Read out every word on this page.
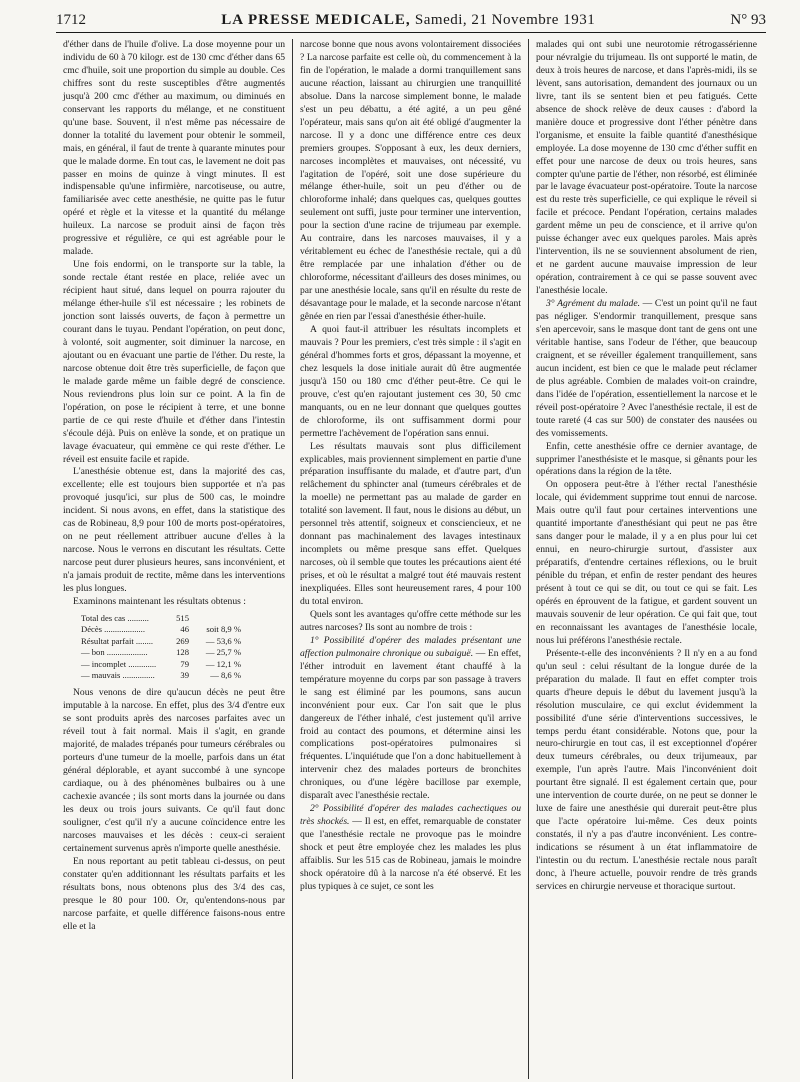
1712	LA PRESSE MEDICALE, Samedi, 21 Novembre 1931	N° 93

d'éther dans de l'huile d'olive. La dose moyenne pour un individu de 60 à 70 kilogr. est de 130 cmc d'éther dans 65 cmc d'huile, soit une proportion du simple au double. Ces chiffres sont du reste susceptibles d'être augmentés jusqu'à 200 cmc d'éther au maximum, ou diminués en conservant les rapports du mélange, et ne constituent qu'une base. Souvent, il n'est même pas nécessaire de donner la totalité du lavement pour obtenir le sommeil, mais, en général, il faut de trente à quarante minutes pour que le malade dorme. En tout cas, le lavement ne doit pas passer en moins de quinze à vingt minutes. Il est indispensable qu'une infirmière, narcotiseuse, ou autre, familiarisée avec cette anesthésie, ne quitte pas le futur opéré et règle et la vitesse et la quantité du mélange huileux. La narcose se produit ainsi de façon très progressive et régulière, ce qui est agréable pour le malade.

Une fois endormi, on le transporte sur la table, la sonde rectale étant restée en place, reliée avec un récipient haut situé, dans lequel on pourra rajouter du mélange éther-huile s'il est nécessaire ; les robinets de jonction sont laissés ouverts, de façon à permettre un courant dans le tuyau. Pendant l'opération, on peut donc, à volonté, soit augmenter, soit diminuer la narcose, en ajoutant ou en évacuant une partie de l'éther. Du reste, la narcose obtenue doit être très superficielle, de façon que le malade garde même un faible degré de conscience. Nous reviendrons plus loin sur ce point. A la fin de l'opération, on pose le récipient à terre, et une bonne partie de ce qui reste d'huile et d'éther dans l'intestin s'écoule déjà. Puis on enlève la sonde, et on pratique un lavage évacuateur, qui emmène ce qui reste d'éther. Le réveil est ensuite facile et rapide.

L'anesthésie obtenue est, dans la majorité des cas, excellente; elle est toujours bien supportée et n'a pas provoqué jusqu'ici, sur plus de 500 cas, le moindre incident. Si nous avons, en effet, dans la statistique des cas de Robineau, 8,9 pour 100 de morts post-opératoires, on ne peut réellement attribuer aucune d'elles à la narcose. Nous le verrons en discutant les résultats. Cette narcose peut durer plusieurs heures, sans inconvénient, et n'a jamais produit de rectite, même dans les interventions les plus longues.

Examinons maintenant les résultats obtenus :

Total des cas ..........	515
Décès ...................	46	soit 8,9 %
Résultat parfait ........	269	— 53,6 %
— bon ...................	128	— 25,7 %
— incomplet .............	79	— 12,1 %
— mauvais ...............	39	— 8,6 %

Nous venons de dire qu'aucun décès ne peut être imputable à la narcose. En effet, plus des 3/4 d'entre eux se sont produits après des narcoses parfaites avec un réveil tout à fait normal. Mais il s'agit, en grande majorité, de malades trépanés pour tumeurs cérébrales ou porteurs d'une tumeur de la moelle, parfois dans un état général déplorable, et ayant succombé à une syncope cardiaque, ou à des phénomènes bulbaires ou à une cachexie avancée ; ils sont morts dans la journée ou dans les deux ou trois jours suivants. Ce qu'il faut donc souligner, c'est qu'il n'y a aucune coïncidence entre les narcoses mauvaises et les décès : ceux-ci seraient certainement survenus après n'importe quelle anesthésie.

En nous reportant au petit tableau ci-dessus, on peut constater qu'en additionnant les résultats parfaits et les résultats bons, nous obtenons plus des 3/4 des cas, presque le 80 pour 100. Or, qu'entendons-nous par narcose parfaite, et quelle différence faisons-nous entre elle et la

narcose bonne que nous avons volontairement dissociées ? La narcose parfaite est celle où, du commencement à la fin de l'opération, le malade a dormi tranquillement sans aucune réaction, laissant au chirurgien une tranquillité absolue. Dans la narcose simplement bonne, le malade s'est un peu débattu, a été agité, a un peu gêné l'opérateur, mais sans qu'on ait été obligé d'augmenter la narcose. Il y a donc une différence entre ces deux premiers groupes. S'opposant à eux, les deux derniers, narcoses incomplètes et mauvaises, ont nécessité, vu l'agitation de l'opéré, soit une dose supérieure du mélange éther-huile, soit un peu d'éther ou de chloroforme inhalé; dans quelques cas, quelques gouttes seulement ont suffi, juste pour terminer une intervention, pour la section d'une racine de trijumeau par exemple. Au contraire, dans les narcoses mauvaises, il y a véritablement eu échec de l'anesthésie rectale, qui a dû être remplacée par une inhalation d'éther ou de chloroforme, nécessitant d'ailleurs des doses minimes, ou par une anesthésie locale, sans qu'il en résulte du reste de désavantage pour le malade, et la seconde narcose n'étant gênée en rien par l'essai d'anesthésie éther-huile.

A quoi faut-il attribuer les résultats incomplets et mauvais ? Pour les premiers, c'est très simple : il s'agit en général d'hommes forts et gros, dépassant la moyenne, et chez lesquels la dose initiale aurait dû être augmentée jusqu'à 150 ou 180 cmc d'éther peut-être. Ce qui le prouve, c'est qu'en rajoutant justement ces 30, 50 cmc manquants, ou en ne leur donnant que quelques gouttes de chloroforme, ils ont suffisamment dormi pour permettre l'achèvement de l'opération sans ennui.

Les résultats mauvais sont plus difficilement explicables, mais proviennent simplement en partie d'une préparation insuffisante du malade, et d'autre part, d'un relâchement du sphincter anal (tumeurs cérébrales et de la moelle) ne permettant pas au malade de garder en totalité son lavement. Il faut, nous le disions au début, un personnel très attentif, soigneux et consciencieux, et ne donnant pas machinalement des lavages intestinaux incomplets ou même presque sans effet. Quelques narcoses, où il semble que toutes les précautions aient été prises, et où le résultat a malgré tout été mauvais restent inexpliquées. Elles sont heureusement rares, 4 pour 100 du total environ.

Quels sont les avantages qu'offre cette méthode sur les autres narcoses? Ils sont au nombre de trois :

1° Possibilité d'opérer des malades présentant une affection pulmonaire chronique ou subaiguë. — En effet, l'éther introduit en lavement étant chauffé à la température moyenne du corps par son passage à travers le sang est éliminé par les poumons, sans aucun inconvénient pour eux. Car l'on sait que le plus dangereux de l'éther inhalé, c'est justement qu'il arrive froid au contact des poumons, et détermine ainsi les complications post-opératoires pulmonaires si fréquentes. L'inquiétude que l'on a donc habituellement à intervenir chez des malades porteurs de bronchites chroniques, ou d'une légère bacillose par exemple, disparaît avec l'anesthésie rectale.

2° Possibilité d'opérer des malades cachectiques ou très shockés. — Il est, en effet, remarquable de constater que l'anesthésie rectale ne provoque pas le moindre shock et peut être employée chez les malades les plus affaiblis. Sur les 515 cas de Robineau, jamais le moindre shock opératoire dû à la narcose n'a été observé. Et les plus typiques à ce sujet, ce sont les

malades qui ont subi une neurotomie rétrogassérienne pour névralgie du trijumeau. Ils ont supporté le matin, de deux à trois heures de narcose, et dans l'après-midi, ils se lèvent, sans autorisation, demandent des journaux ou un livre, tant ils se sentent bien et peu fatigués. Cette absence de shock relève de deux causes : d'abord la manière douce et progressive dont l'éther pénètre dans l'organisme, et ensuite la faible quantité d'anesthésique employée. La dose moyenne de 130 cmc d'éther suffit en effet pour une narcose de deux ou trois heures, sans compter qu'une partie de l'éther, non résorbé, est éliminée par le lavage évacuateur post-opératoire. Toute la narcose est du reste très superficielle, ce qui explique le réveil si facile et précoce. Pendant l'opération, certains malades gardent même un peu de conscience, et il arrive qu'on puisse échanger avec eux quelques paroles. Mais après l'intervention, ils ne se souviennent absolument de rien, et ne gardent aucune mauvaise impression de leur opération, contrairement à ce qui se passe souvent avec l'anesthésie locale.

3° Agrément du malade. — C'est un point qu'il ne faut pas négliger. S'endormir tranquillement, presque sans s'en apercevoir, sans le masque dont tant de gens ont une véritable hantise, sans l'odeur de l'éther, que beaucoup craignent, et se réveiller également tranquillement, sans aucun incident, est bien ce que le malade peut réclamer de plus agréable. Combien de malades voit-on craindre, dans l'idée de l'opération, essentiellement la narcose et le réveil post-opératoire ? Avec l'anesthésie rectale, il est de toute rareté (4 cas sur 500) de constater des nausées ou des vomissements.

Enfin, cette anesthésie offre ce dernier avantage, de supprimer l'anesthésiste et le masque, si gênants pour les opérations dans la région de la tête.

On opposera peut-être à l'éther rectal l'anesthésie locale, qui évidemment supprime tout ennui de narcose. Mais outre qu'il faut pour certaines interventions une quantité importante d'anesthésiant qui peut ne pas être sans danger pour le malade, il y a en plus pour lui cet ennui, en neuro-chirurgie surtout, d'assister aux préparatifs, d'entendre certaines réflexions, ou le bruit pénible du trépan, et enfin de rester pendant des heures présent à tout ce qui se dit, ou tout ce qui se fait. Les opérés en éprouvent de la fatigue, et gardent souvent un mauvais souvenir de leur opération. Ce qui fait que, tout en reconnaissant les avantages de l'anesthésie locale, nous lui préférons l'anesthésie rectale.

Présente-t-elle des inconvénients ? Il n'y en a au fond qu'un seul : celui résultant de la longue durée de la préparation du malade. Il faut en effet compter trois quarts d'heure depuis le début du lavement jusqu'à la résolution musculaire, ce qui exclut évidemment la possibilité d'une série d'interventions successives, le temps perdu étant considérable. Notons que, pour la neuro-chirurgie en tout cas, il est exceptionnel d'opérer deux tumeurs cérébrales, ou deux trijumeaux, par exemple, l'un après l'autre. Mais l'inconvénient doit pourtant être signalé. Il est également certain que, pour une intervention de courte durée, on ne peut se donner le luxe de faire une anesthésie qui durerait peut-être plus que l'acte opératoire lui-même. Ces deux points constatés, il n'y a pas d'autre inconvénient. Les contre-indications se résument à un état inflammatoire de l'intestin ou du rectum. L'anesthésie rectale nous paraît donc, à l'heure actuelle, pouvoir rendre de très grands services en chirurgie nerveuse et thoracique surtout.
